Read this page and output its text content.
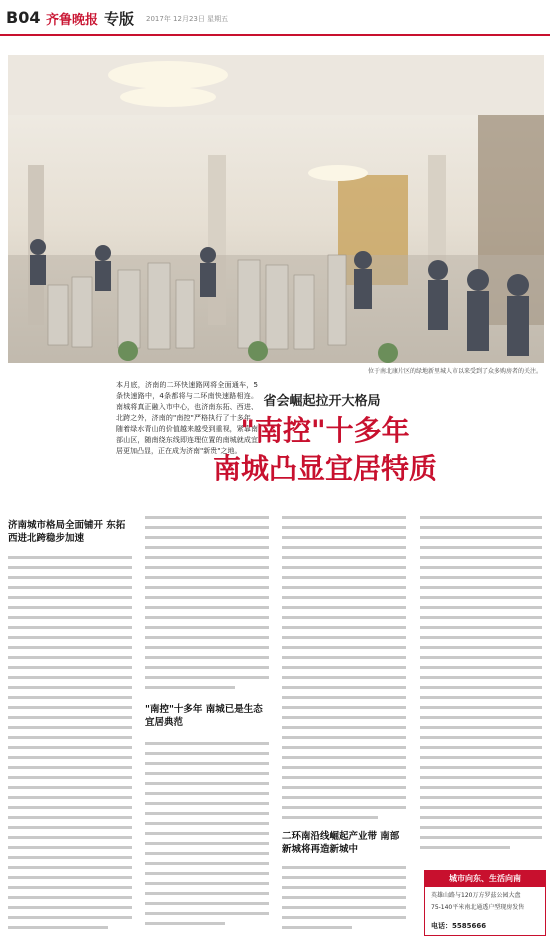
B04 齐鲁晚报 专版 2017年 12月23日 星期五
位于南北康片区的绿地新里城人市以来受到了众多购房者的关注。
本月底，济南的二环快速路网将全面通车，5条快速路中，4条都将与二环南快速路相连。南城将真正融入市中心，也济南东拓、西进、北跨之外，济南的"南控"严格执行了十多年，随着绿水青山的价值越来越受到重视，紧靠南部山区，随南绕东线即连理位置的南城就成宜居更加凸显，正在成为济南"新贵"之地。
省会崛起拉开大格局
"南控"十多年
南城凸显宜居特质
济南城市格局全面铺开 东拓西进北跨稳步加速
"南控"十多年 南城已是生态宜居典范
二环南沿线崛起产业带 南部新城将再造新城中
城市向东、生活向南
英雄山路与120万方罗兹公园大盘
75-140平米南北通透户型现房发售
电话：5585666
